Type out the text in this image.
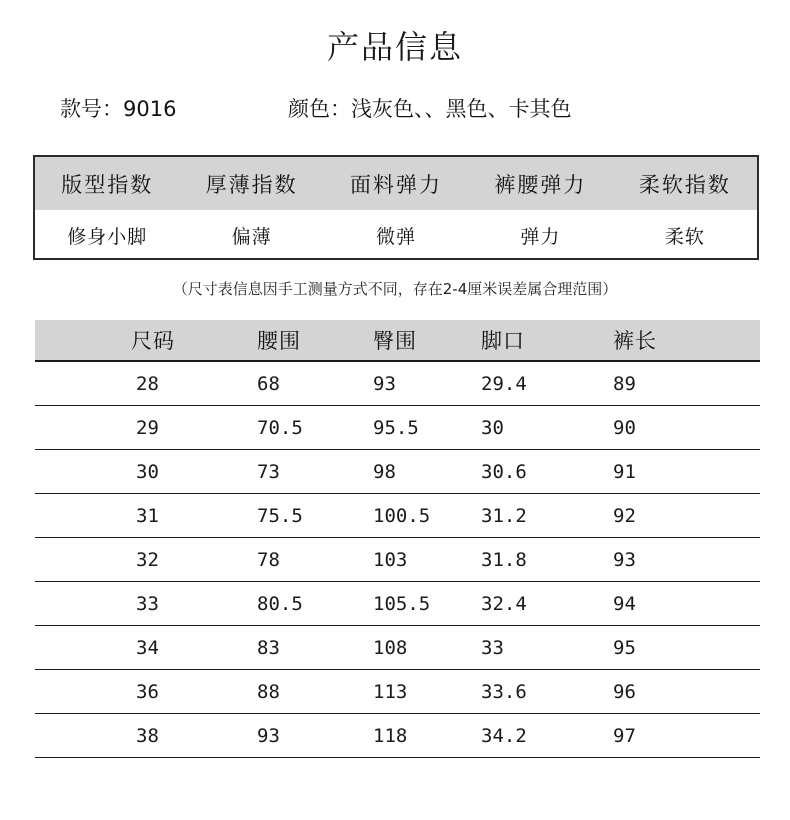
产品信息
款号：9016	颜色：浅灰色、、黑色、卡其色
版型指数	厚薄指数	面料弹力	裤腰弹力	柔软指数
修身小脚	偏薄	微弹	弹力	柔软
（尺寸表信息因手工测量方式不同，存在2-4厘米误差属合理范围）
尺码	腰围	臀围	脚口	裤长
28	68	93	29.4	89
29	70.5	95.5	30	90
30	73	98	30.6	91
31	75.5	100.5	31.2	92
32	78	103	31.8	93
33	80.5	105.5	32.4	94
34	83	108	33	95
36	88	113	33.6	96
38	93	118	34.2	97
